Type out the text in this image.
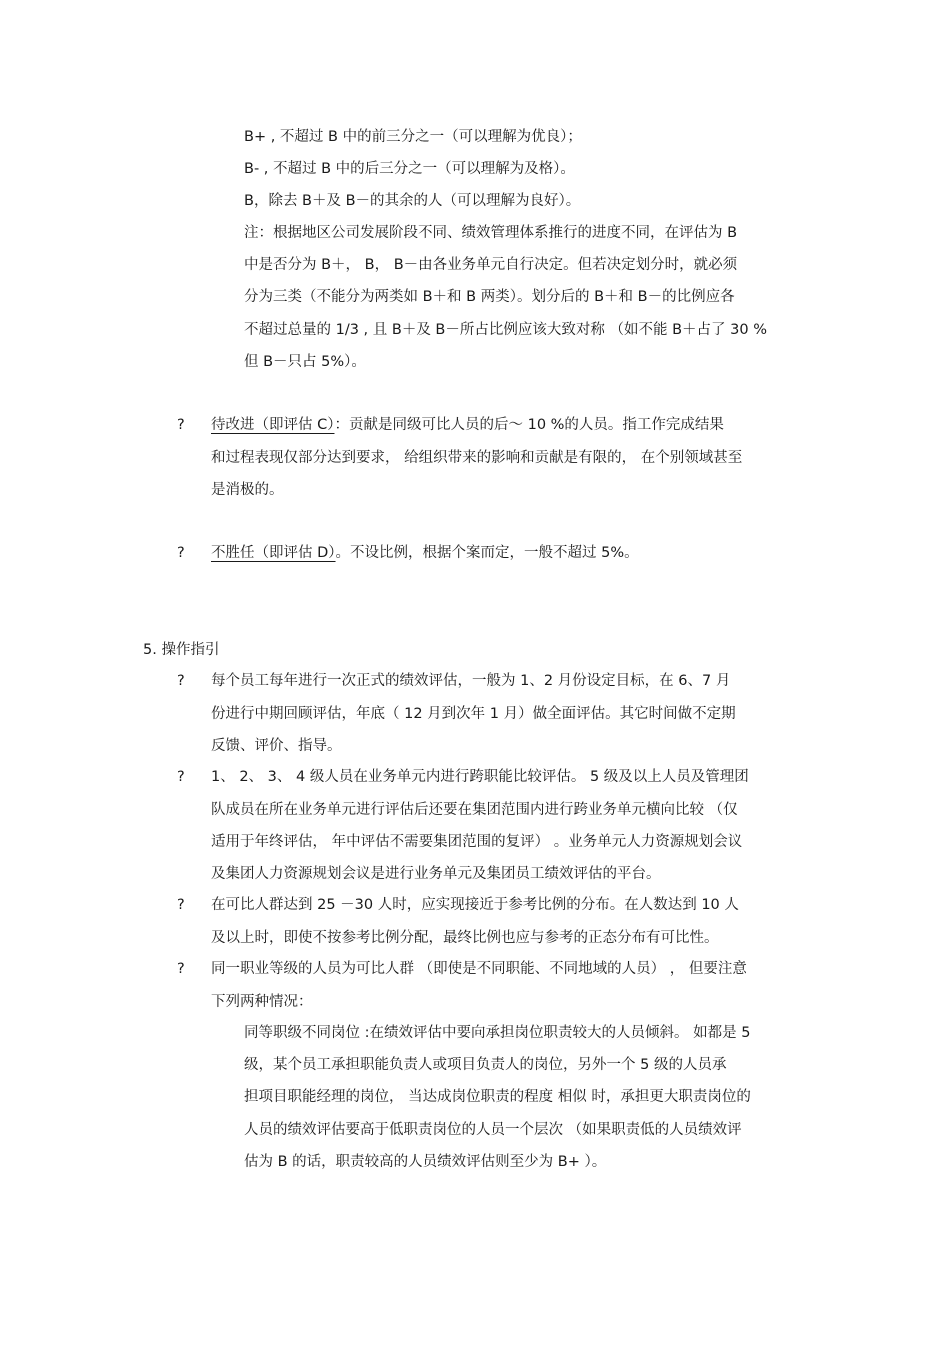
B+ , 不超过 B 中的前三分之一（可以理解为优良）；
B- , 不超过 B 中的后三分之一（可以理解为及格）。
B，除去 B＋及 B－的其余的人（可以理解为良好）。
注：根据地区公司发展阶段不同、绩效管理体系推行的进度不同，在评估为 B
中是否分为 B＋， B， B－由各业务单元自行决定。但若决定划分时，就必须
分为三类（不能分为两类如 B＋和 B 两类）。划分后的 B＋和 B－的比例应各
不超过总量的 1/3 , 且 B＋及 B－所占比例应该大致对称 （如不能 B＋占了 30 %
但 B－只占 5%）。
? 待改进（即评估 C）：贡献是同级可比人员的后～ 10 %的人员。指工作完成结果
和过程表现仅部分达到要求， 给组织带来的影响和贡献是有限的， 在个别领域甚至
是消极的。
? 不胜任（即评估 D）。不设比例，根据个案而定，一般不超过 5%。
5. 操作指引
? 每个员工每年进行一次正式的绩效评估，一般为 1、2 月份设定目标，在 6、7 月
份进行中期回顾评估，年底（ 12 月到次年 1 月）做全面评估。其它时间做不定期
反馈、评价、指导。
? 1、 2、 3、 4 级人员在业务单元内进行跨职能比较评估。 5 级及以上人员及管理团
队成员在所在业务单元进行评估后还要在集团范围内进行跨业务单元横向比较 （仅
适用于年终评估， 年中评估不需要集团范围的复评） 。业务单元人力资源规划会议
及集团人力资源规划会议是进行业务单元及集团员工绩效评估的平台。
? 在可比人群达到 25 －30 人时，应实现接近于参考比例的分布。在人数达到 10 人
及以上时，即使不按参考比例分配，最终比例也应与参考的正态分布有可比性。
? 同一职业等级的人员为可比人群 （即使是不同职能、不同地域的人员） ， 但要注意
下列两种情况：
同等职级不同岗位 :在绩效评估中要向承担岗位职责较大的人员倾斜。 如都是 5
级，某个员工承担职能负责人或项目负责人的岗位，另外一个 5 级的人员承
担项目职能经理的岗位， 当达成岗位职责的程度 相似 时，承担更大职责岗位的
人员的绩效评估要高于低职责岗位的人员一个层次 （如果职责低的人员绩效评
估为 B 的话，职责较高的人员绩效评估则至少为 B+ ）。
